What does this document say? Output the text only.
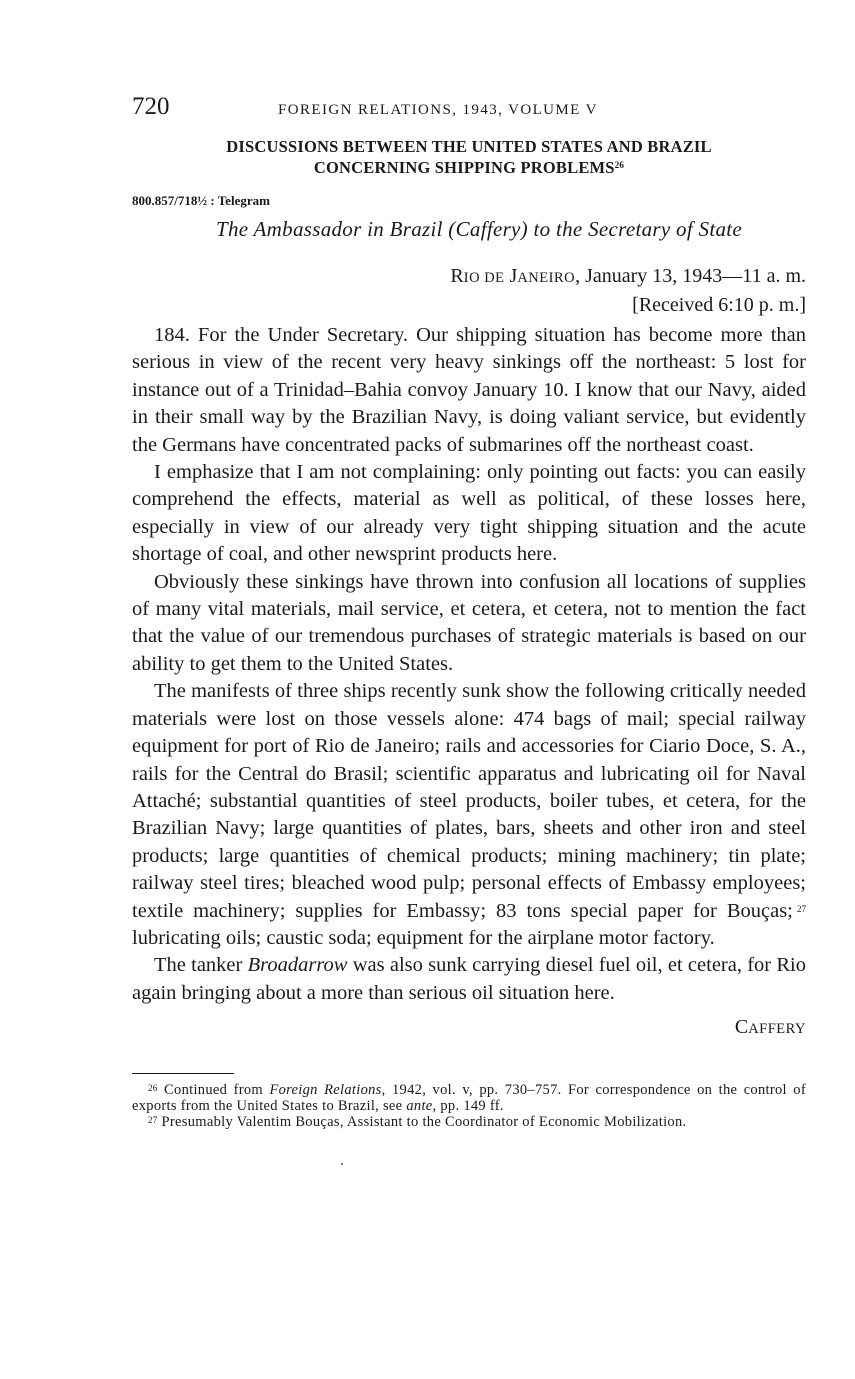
720	FOREIGN RELATIONS, 1943, VOLUME V
DISCUSSIONS BETWEEN THE UNITED STATES AND BRAZIL
CONCERNING SHIPPING PROBLEMS$^{26}$
800.857/718½ : Telegram
The Ambassador in Brazil (Caffery) to the Secretary of State
RIO DE JANEIRO, January 13, 1943—11 a. m.
[Received 6:10 p. m.]

184. For the Under Secretary. Our shipping situation has become more than serious in view of the recent very heavy sinkings off the northeast: 5 lost for instance out of a Trinidad–Bahia convoy January 10. I know that our Navy, aided in their small way by the Brazilian Navy, is doing valiant service, but evidently the Germans have concentrated packs of submarines off the northeast coast.

I emphasize that I am not complaining: only pointing out facts: you can easily comprehend the effects, material as well as political, of these losses here, especially in view of our already very tight shipping situation and the acute shortage of coal, and other newsprint products here.

Obviously these sinkings have thrown into confusion all locations of supplies of many vital materials, mail service, et cetera, et cetera, not to mention the fact that the value of our tremendous purchases of strategic materials is based on our ability to get them to the United States.

The manifests of three ships recently sunk show the following critically needed materials were lost on those vessels alone: 474 bags of mail; special railway equipment for port of Rio de Janeiro; rails and accessories for Ciario Doce, S. A., rails for the Central do Brasil; scientific apparatus and lubricating oil for Naval Attaché; substantial quantities of steel products, boiler tubes, et cetera, for the Brazilian Navy; large quantities of plates, bars, sheets and other iron and steel products; large quantities of chemical products; mining machinery; tin plate; railway steel tires; bleached wood pulp; personal effects of Embassy employees; textile machinery; supplies for Embassy; 83 tons special paper for Bouças;  $^{27}$ lubricating oils; caustic soda; equipment for the airplane motor factory.

The tanker Broadarrow was also sunk carrying diesel fuel oil, et cetera, for Rio again bringing about a more than serious oil situation here.

CAFFERY

$^{26}$ Continued from Foreign Relations, 1942, vol. v, pp. 730–757. For correspondence on the control of exports from the United States to Brazil, see ante, pp. 149 ff.

$^{27}$ Presumably Valentim Bouças, Assistant to the Coordinator of Economic Mobilization.
